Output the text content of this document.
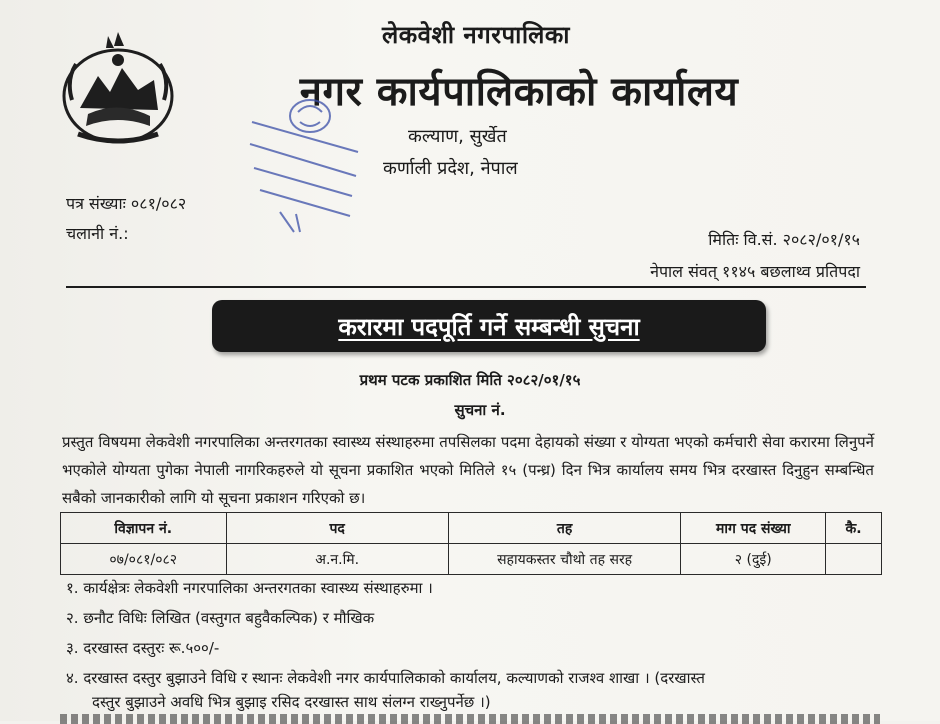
लेकवेशी नगरपालिका
नगर कार्यपालिकाको कार्यालय
कल्याण, सुर्खेत
कर्णाली प्रदेश, नेपाल
पत्र संख्याः ०८१/०८२
चलानी नं.:	मितिः वि.सं. २०८२/०१/१५
नेपाल संवत् ११४५ बछलाथ्व प्रतिपदा
करारमा पदपूर्ति गर्ने सम्बन्धी सुचना
प्रथम पटक प्रकाशित मिति २०८२/०१/१५
सुचना नं.
प्रस्तुत विषयमा लेकवेशी नगरपालिका अन्तरगतका स्वास्थ्य संस्थाहरुमा तपसिलका पदमा देहायको संख्या र योग्यता भएको कर्मचारी सेवा करारमा लिनुपर्ने भएकोले योग्यता पुगेका नेपाली नागरिकहरुले यो सूचना प्रकाशित भएको मितिले १५ (पन्ध्र) दिन भित्र कार्यालय समय भित्र दरखास्त दिनुहुन सम्बन्धित सबैको जानकारीको लागि यो सूचना प्रकाशन गरिएको छ।
विज्ञापन नं.	पद	तह	माग पद संख्या	कै.
०७/०८१/०८२	अ.न.मि.	सहायकस्तर चौथो तह सरह	२ (दुई)	
१. कार्यक्षेत्रः लेकवेशी नगरपालिका अन्तरगतका स्वास्थ्य संस्थाहरुमा ।
२. छनौट विधिः लिखित (वस्तुगत बहुवैकल्पिक) र मौखिक
३. दरखास्त दस्तुरः रू.५००/-
४. दरखास्त दस्तुर बुझाउने विधि र स्थानः लेकवेशी नगर कार्यपालिकाको कार्यालय, कल्याणको राजश्व शाखा । (दरखास्त
दस्तुर बुझाउने अवधि भित्र बुझाइ रसिद दरखास्त साथ संलग्न राख्नुपर्नेछ ।)
